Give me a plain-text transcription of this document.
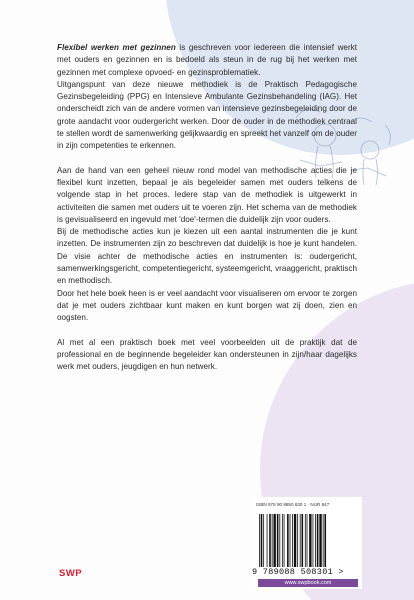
Flexibel werken met gezinnen is geschreven voor iedereen die intensief werkt met ouders en gezinnen en is bedoeld als steun in de rug bij het werken met gezinnen met complexe opvoed- en gezinsproblematiek.

Uitgangspunt van deze nieuwe methodiek is de Praktisch Pedagogische Gezinsbegeleiding (PPG) en Intensieve Ambulante Gezinsbehandeling (IAG). Het onderscheidt zich van de andere vormen van intensieve gezinsbegeleiding door de grote aandacht voor oudergericht werken. Door de ouder in de methodiek centraal te stellen wordt de samenwerking gelijkwaardig en spreekt het vanzelf om de ouder in zijn competenties te erkennen.

Aan de hand van een geheel nieuw rond model van methodische acties die je flexibel kunt inzetten, bepaal je als begeleider samen met ouders telkens de volgende stap in het proces. Iedere stap van de methodiek is uitgewerkt in activiteiten die samen met ouders uit te voeren zijn. Het schema van de methodiek is gevisualiseerd en ingevuld met 'doe'-termen die duidelijk zijn voor ouders.

Bij de methodische acties kun je kiezen uit een aantal instrumenten die je kunt inzetten. De instrumenten zijn zo beschreven dat duidelijk is hoe je kunt handelen. De visie achter de methodische acties en instrumenten is: oudergericht, samenwerkingsgericht, competentiegericht, systeemgericht, vraaggericht, praktisch en methodisch.

Door het hele boek heen is er veel aandacht voor visualiseren om ervoor te zorgen dat je met ouders zichtbaar kunt maken en kunt borgen wat zij doen, zien en oogsten.

Al met al een praktisch boek met veel voorbeelden uit de praktijk dat de professional en de beginnende begeleider kan ondersteunen in zijn/haar dagelijks werk met ouders, jeugdigen en hun netwerk.

ISBN 978 90 8850 830 1 · NUR 847
9 789088 508301 >
www.swpbook.com
SWP
